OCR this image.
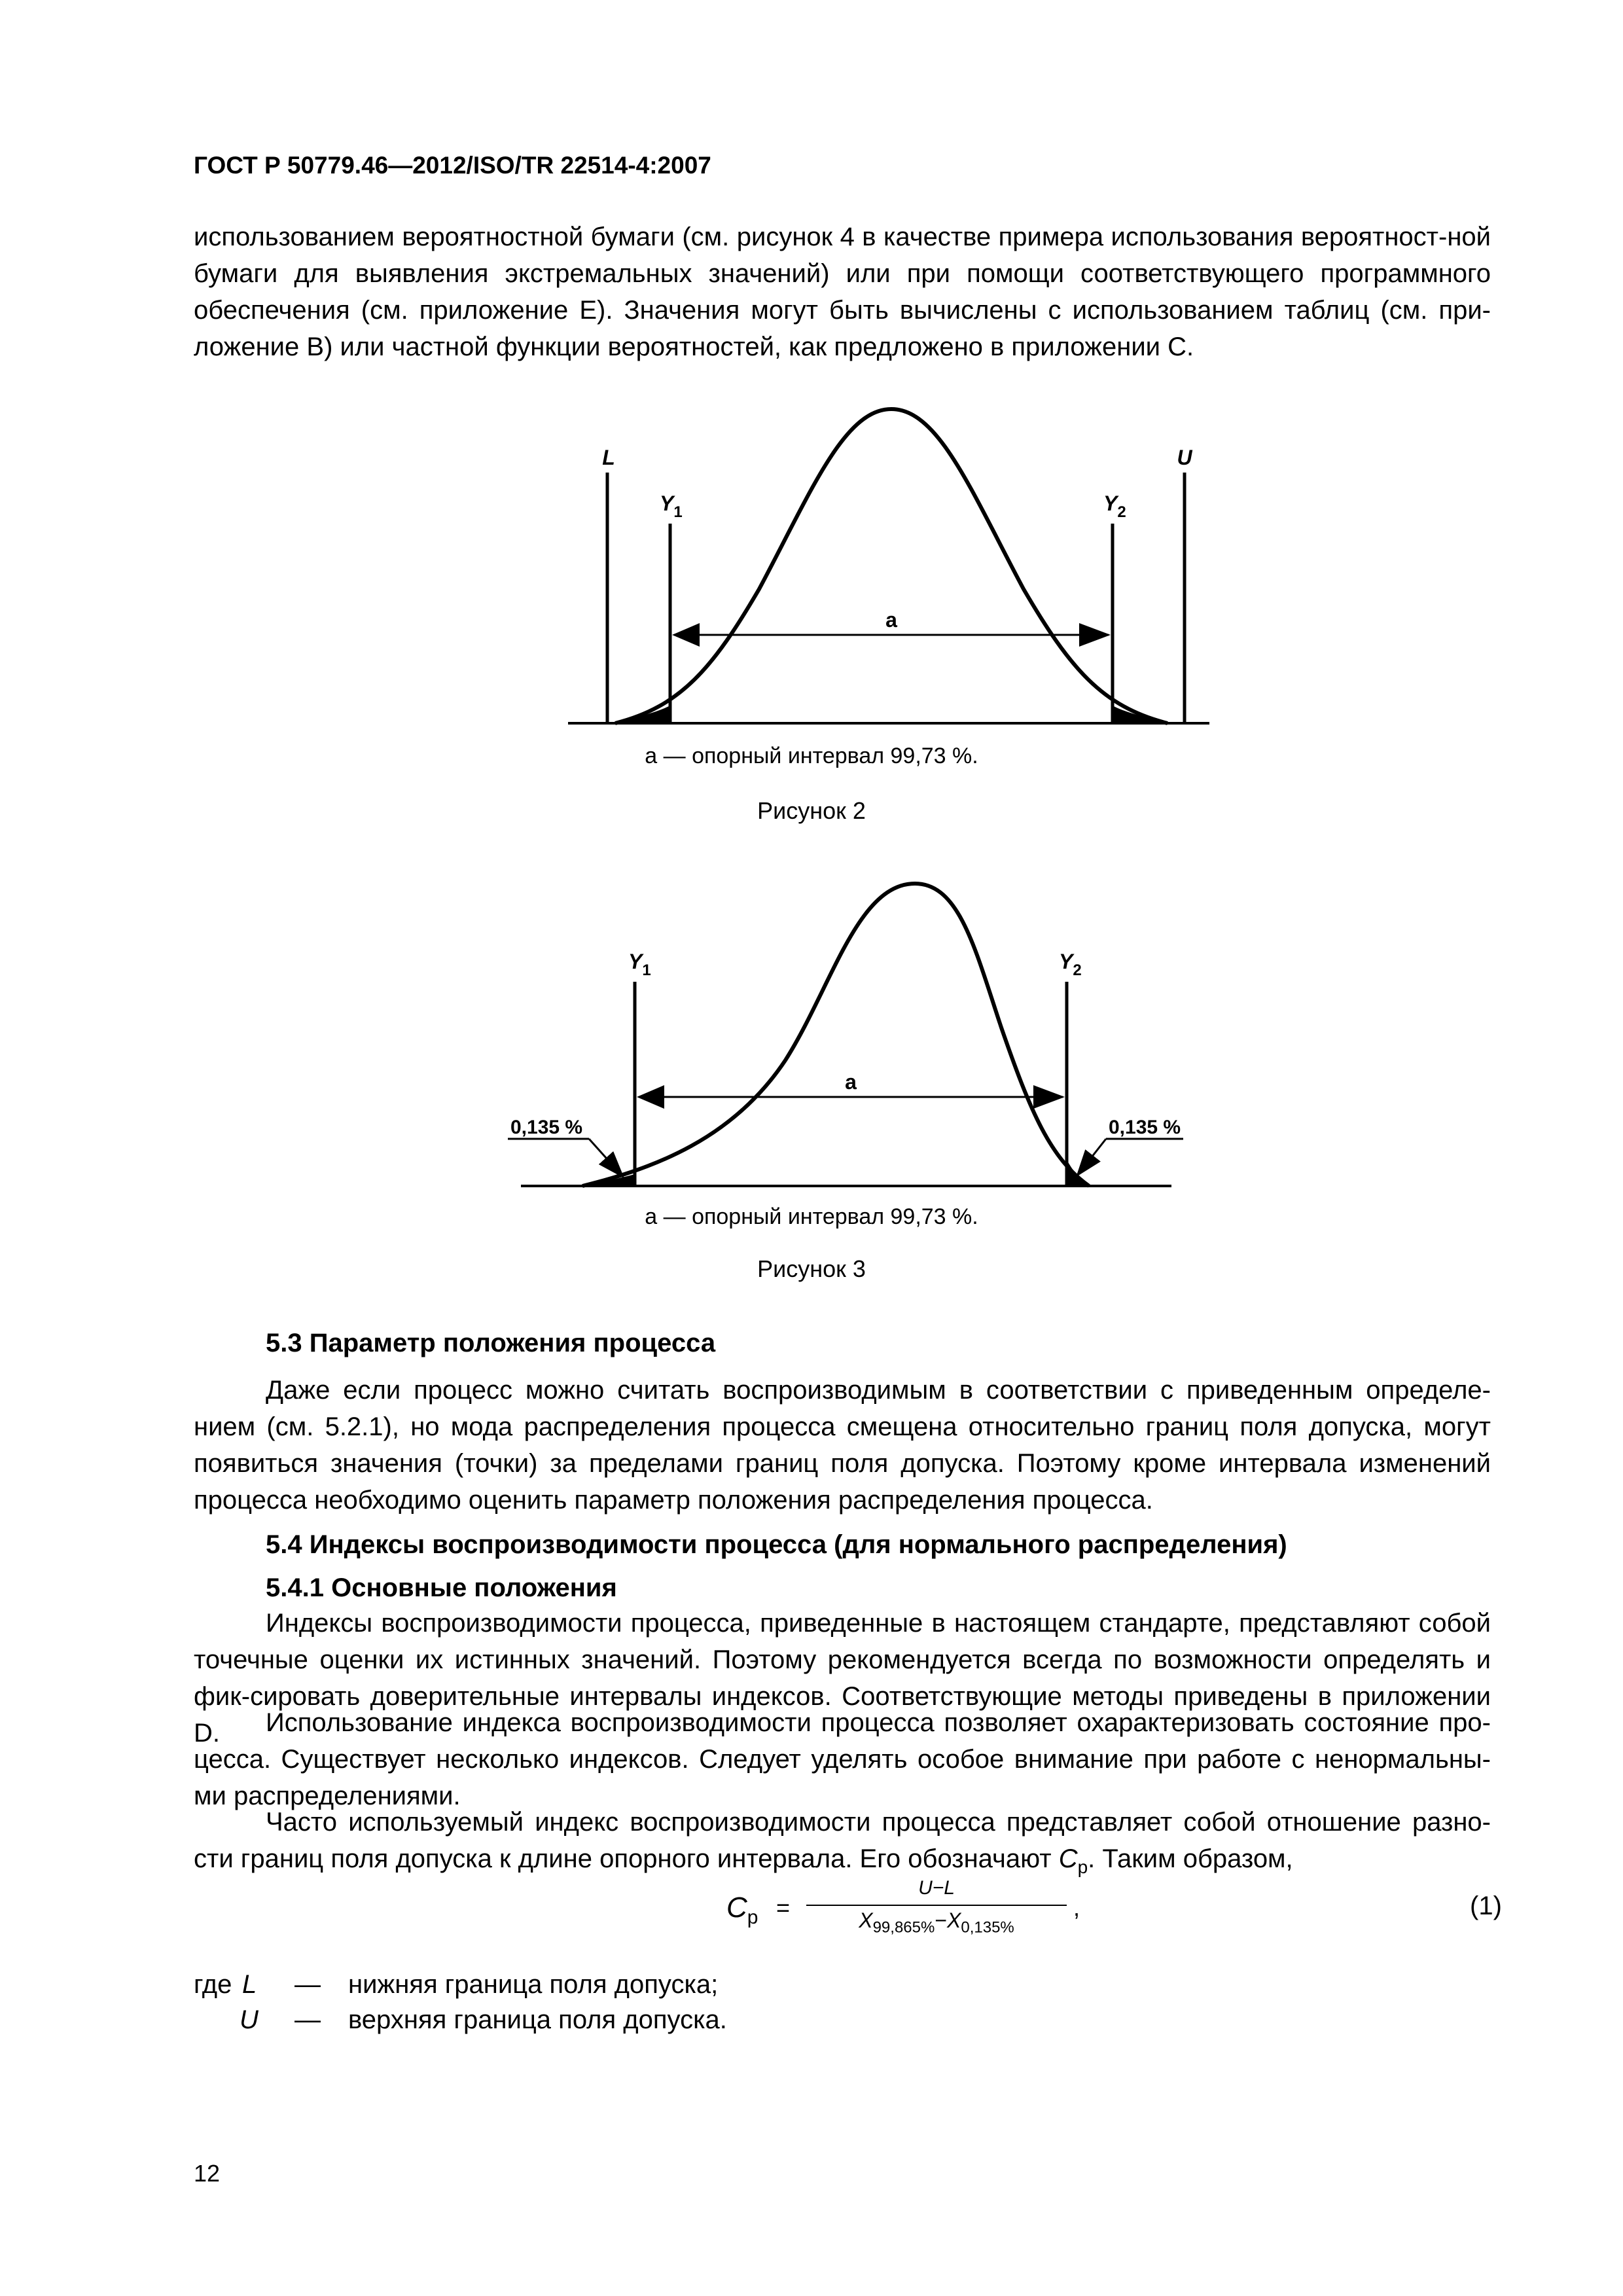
ГОСТ Р 50779.46—2012/ISO/TR 22514-4:2007
использованием вероятностной бумаги (см. рисунок 4 в качестве примера использования вероятност-ной бумаги для выявления экстремальных значений) или при помощи соответствующего программного обеспечения (см. приложение E). Значения могут быть вычислены с использованием таблиц (см. при-ложение B) или частной функции вероятностей, как предложено в приложении С.
L	U
$Y_1$	$Y_2$
a
a — опорный интервал 99,73 %.
Рисунок 2
$Y_1$	$Y_2$
a
0,135 %	0,135 %
a — опорный интервал 99,73 %.
Рисунок 3
5.3 Параметр положения процесса
Даже если процесс можно считать воспроизводимым в соответствии с приведенным определе-нием (см. 5.2.1), но мода распределения процесса смещена относительно границ поля допуска, могут появиться значения (точки) за пределами границ поля допуска. Поэтому кроме интервала изменений процесса необходимо оценить параметр положения распределения процесса.
5.4 Индексы воспроизводимости процесса (для нормального распределения)
5.4.1 Основные положения
Индексы воспроизводимости процесса, приведенные в настоящем стандарте, представляют собой точечные оценки их истинных значений. Поэтому рекомендуется всегда по возможности определять и фик-сировать доверительные интервалы индексов. Соответствующие методы приведены в приложении D.	Использование индекса воспроизводимости процесса позволяет охарактеризовать состояние про-цесса. Существует несколько индексов. Следует уделять особое внимание при работе с ненормальны-ми распределениями.
Часто используемый индекс воспроизводимости процесса представляет собой отношение разно-сти границ поля допуска к длине опорного интервала. Его обозначают $C_p$. Таким образом,
$C_p$ =
U−L
$X_{99,865\%}-X_{0,135\%}$
,	(1)
где L — нижняя граница поля допуска;
U — верхняя граница поля допуска.
12
